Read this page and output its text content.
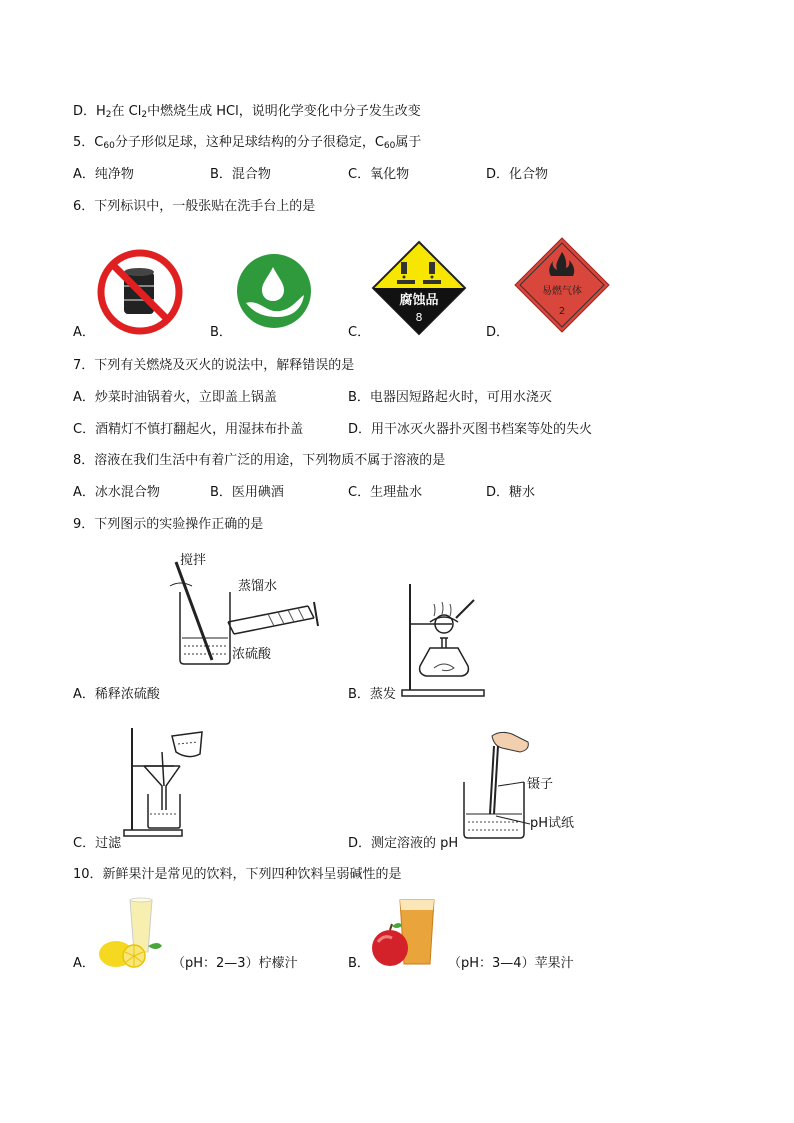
D．$H_2$在 $Cl_2$中燃烧生成 HCl，说明化学变化中分子发生改变
5．$C_{60}$分子形似足球，这种足球结构的分子很稳定，$C_{60}$属于
A．纯净物	B．混合物	C．氧化物	D．化合物
6．下列标识中，一般张贴在洗手台上的是
A．	B．	C．
腐蚀品
8
D．
易燃气体
2
7．下列有关燃烧及灭火的说法中，解释错误的是
A．炒菜时油锅着火，立即盖上锅盖	B．电器因短路起火时，可用水浇灭
C．酒精灯不慎打翻起火，用湿抹布扑盖	D．用干冰灭火器扑灭图书档案等处的失火
8．溶液在我们生活中有着广泛的用途，下列物质不属于溶液的是
A．冰水混合物	B．医用碘酒	C．生理盐水	D．糖水
9．下列图示的实验操作正确的是
搅拌
蒸馏水
浓硫酸
A．稀释浓硫酸	B．蒸发
C．过滤
镊子
pH试纸
D．测定溶液的 pH
10．新鲜果汁是常见的饮料，下列四种饮料呈弱碱性的是
A．	（pH：2—3）柠檬汁	B．	（pH：3—4）苹果汁
